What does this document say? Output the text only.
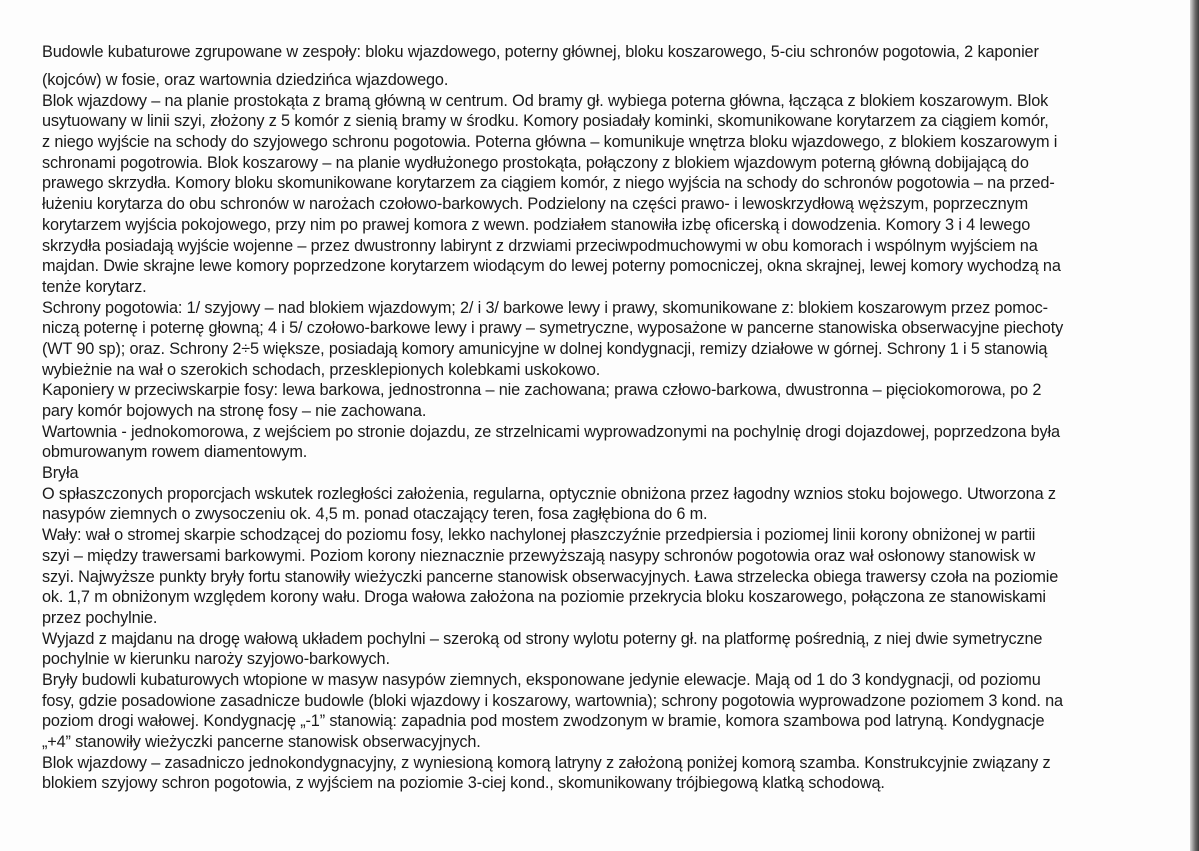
Budowle kubaturowe zgrupowane w zespoły: bloku wjazdowego, poterny głównej, bloku koszarowego, 5-ciu schronów pogotowia, 2 kaponier
(kojców) w fosie, oraz wartownia dziedzińca wjazdowego.
Blok wjazdowy – na planie prostokąta z bramą główną w centrum. Od bramy gł. wybiega poterna główna, łącząca z blokiem koszarowym. Blok
usytuowany w linii szyi, złożony z 5 komór z sienią bramy w środku. Komory posiadały kominki, skomunikowane korytarzem za ciągiem komór,
z niego wyjście na schody do szyjowego schronu pogotowia. Poterna główna – komunikuje wnętrza bloku wjazdowego, z blokiem koszarowym i
schronami pogotrowia. Blok koszarowy – na planie wydłużonego prostokąta, połączony z blokiem wjazdowym poterną główną dobijającą do
prawego skrzydła. Komory bloku skomunikowane korytarzem za ciągiem komór, z niego wyjścia na schody do schronów pogotowia – na przed-
łużeniu korytarza do obu schronów w narożach czołowo-barkowych. Podzielony na części prawo- i lewoskrzydłową węższym, poprzecznym
korytarzem wyjścia pokojowego, przy nim po prawej komora z wewn. podziałem stanowiła izbę oficerską i dowodzenia. Komory 3 i 4 lewego
skrzydła posiadają wyjście wojenne – przez dwustronny labirynt z drzwiami przeciwpodmuchowymi w obu komorach i wspólnym wyjściem na
majdan. Dwie skrajne lewe komory poprzedzone korytarzem wiodącym do lewej poterny pomocniczej, okna skrajnej, lewej komory wychodzą na
tenże korytarz.
Schrony pogotowia: 1/ szyjowy – nad blokiem wjazdowym; 2/ i 3/ barkowe lewy i prawy, skomunikowane z: blokiem koszarowym przez pomoc-
niczą poternę i poternę głowną; 4 i 5/ czołowo-barkowe lewy i prawy – symetryczne, wyposażone w pancerne stanowiska obserwacyjne piechoty
(WT 90 sp); oraz. Schrony 2÷5 większe, posiadają komory amunicyjne w dolnej kondygnacji, remizy działowe w górnej. Schrony 1 i 5 stanowią
wybieżnie na wał o szerokich schodach, przesklepionych kolebkami uskokowo.
Kaponiery w przeciwskarpie fosy: lewa barkowa, jednostronna – nie zachowana; prawa człowo-barkowa, dwustronna – pięciokomorowa, po 2
pary komór bojowych na stronę fosy – nie zachowana.
Wartownia - jednokomorowa, z wejściem po stronie dojazdu, ze strzelnicami wyprowadzonymi na pochylnię drogi dojazdowej, poprzedzona była
obmurowanym rowem diamentowym.
Bryła
O spłaszczonych proporcjach wskutek rozległości założenia, regularna, optycznie obniżona przez łagodny wznios stoku bojowego. Utworzona z
nasypów ziemnych o zwysoczeniu ok. 4,5 m. ponad otaczający teren, fosa zagłębiona do 6 m.
Wały: wał o stromej skarpie schodzącej do poziomu fosy, lekko nachylonej płaszczyźnie przedpiersia i poziomej linii korony obniżonej w partii
szyi – między trawersami barkowymi. Poziom korony nieznacznie przewyższają nasypy schronów pogotowia oraz wał osłonowy stanowisk w
szyi. Najwyższe punkty bryły fortu stanowiły wieżyczki pancerne stanowisk obserwacyjnych. Ława strzelecka obiega trawersy czoła na poziomie
ok. 1,7 m obniżonym względem korony wału. Droga wałowa założona na poziomie przekrycia bloku koszarowego, połączona ze stanowiskami
przez pochylnie.
Wyjazd z majdanu na drogę wałową układem pochylni – szeroką od strony wylotu poterny gł. na platformę pośrednią, z niej dwie symetryczne
pochylnie w kierunku naroży szyjowo-barkowych.
Bryły budowli kubaturowych wtopione w masyw nasypów ziemnych, eksponowane jedynie elewacje. Mają od 1 do 3 kondygnacji, od poziomu
fosy, gdzie posadowione zasadnicze budowle (bloki wjazdowy i koszarowy, wartownia); schrony pogotowia wyprowadzone poziomem 3 kond. na
poziom drogi wałowej. Kondygnację „-1” stanowią: zapadnia pod mostem zwodzonym w bramie, komora szambowa pod latryną. Kondygnacje
„+4” stanowiły wieżyczki pancerne stanowisk obserwacyjnych.
Blok wjazdowy – zasadniczo jednokondygnacyjny, z wyniesioną komorą latryny z założoną poniżej komorą szamba. Konstrukcyjnie związany z
blokiem szyjowy schron pogotowia, z wyjściem na poziomie 3-ciej kond., skomunikowany trójbiegową klatką schodową.
